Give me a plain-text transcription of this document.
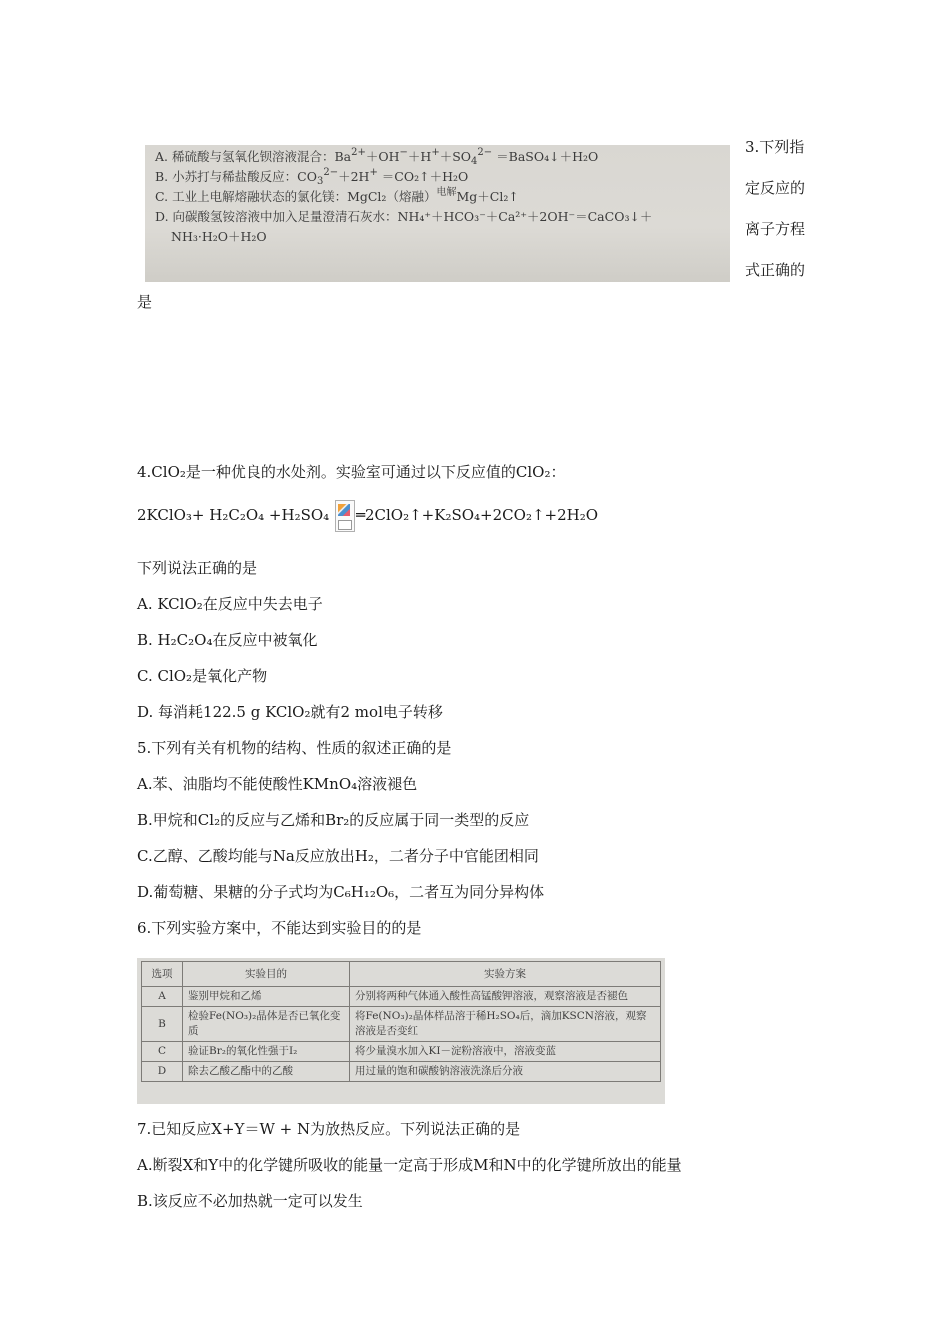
A. 稀硫酸与氢氧化钡溶液混合：$Ba^{2+}+OH^-+H^++SO_4^{2-}$ ＝BaSO₄↓＋H₂O
B. 小苏打与稀盐酸反应：$CO_3^{2-}+2H^+$ ＝CO₂↑＋H₂O
C. 工业上电解熔融状态的氯化镁：MgCl₂（熔融）$^{电解}$Mg＋Cl₂↑
D. 向碳酸氢铵溶液中加入足量澄清石灰水：NH₄⁺＋HCO₃⁻＋Ca²⁺＋2OH⁻＝CaCO₃↓＋
NH₃·H₂O＋H₂O
3.下列指
定反应的
离子方程
式正确的
是
4.ClO₂是一种优良的水处剂。实验室可通过以下反应值的ClO₂：
2KClO₃+ H₂C₂O₄ +H₂SO₄
═2ClO₂↑+K₂SO₄+2CO₂↑+2H₂O
下列说法正确的是
A. KClO₂在反应中失去电子
B. H₂C₂O₄在反应中被氧化
C. ClO₂是氧化产物
D. 每消耗122.5 g KClO₂就有2 mol电子转移
5.下列有关有机物的结构、性质的叙述正确的是
A.苯、油脂均不能使酸性KMnO₄溶液褪色
B.甲烷和Cl₂的反应与乙烯和Br₂的反应属于同一类型的反应
C.乙醇、乙酸均能与Na反应放出H₂，二者分子中官能团相同
D.葡萄糖、果糖的分子式均为C₆H₁₂O₆，二者互为同分异构体
6.下列实验方案中，不能达到实验目的的是
选项	实验目的	实验方案
A	鉴别甲烷和乙烯	分别将两种气体通入酸性高锰酸钾溶液，观察溶液是否褪色
B	检验Fe(NO₃)₂晶体是否已氧化变质	将Fe(NO₃)₂晶体样品溶于稀H₂SO₄后，滴加KSCN溶液，观察溶液是否变红
C	验证Br₂的氧化性强于I₂	将少量溴水加入KI－淀粉溶液中，溶液变蓝
D	除去乙酸乙酯中的乙酸	用过量的饱和碳酸钠溶液洗涤后分液
7.已知反应X+Y＝W + N为放热反应。下列说法正确的是
A.断裂X和Y中的化学键所吸收的能量一定高于形成M和N中的化学键所放出的能量
B.该反应不必加热就一定可以发生
